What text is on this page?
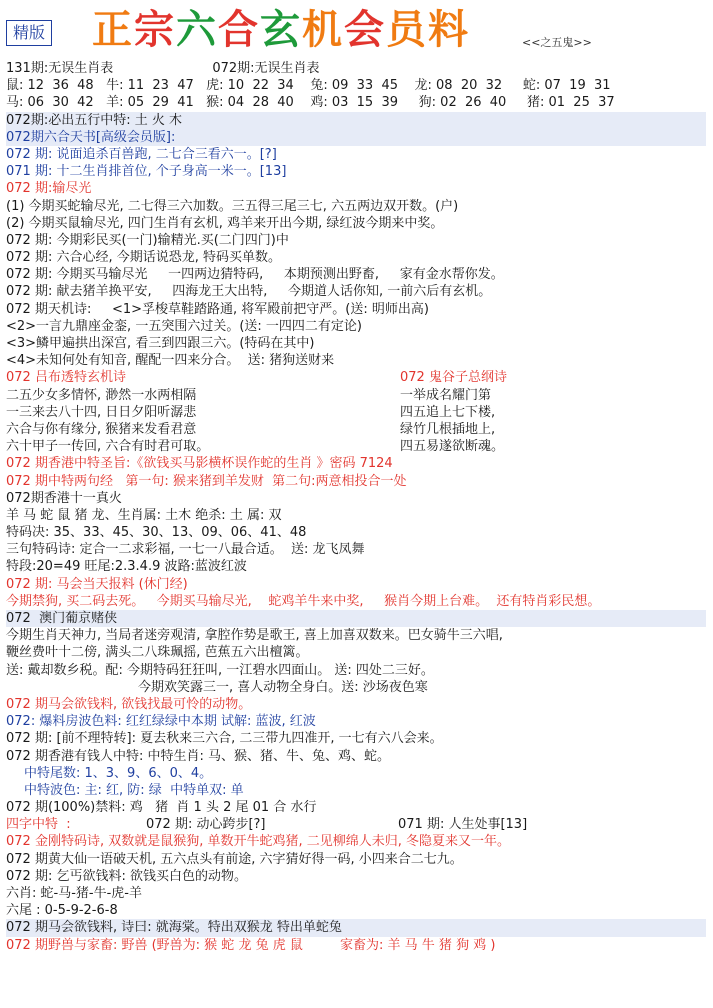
精版 正宗六合玄机会员料	<<之五鬼>>
131期:无误生肖表                        072期:无误生肖表
鼠: 12  36  48   牛: 11  23  47   虎: 10  22  34    兔: 09  33  45    龙: 08  20  32     蛇: 07  19  31
马: 06  30  42   羊: 05  29  41   猴: 04  28  40    鸡: 03  15  39     狗: 02  26  40     猪: 01  25  37
072期:必出五行中特: 土 火 木
072期六合天书[高级会员版]:
072 期: 说面追杀百兽跑, 二七合三看六一。[?]
071 期: 十二生肖排首位, 个子身高一米一。[13]
072 期:输尽光
(1) 今期买蛇输尽光, 二七得三六加数。三五得三尾三七, 六五两边双开数。(户)
(2) 今期买鼠输尽光, 四门生肖有玄机, 鸡羊来开出今期, 绿红波今期来中奖。
072 期: 今期彩民买(一门)输精光.买(二门四门)中
072 期: 六合心经, 今期话说恐龙, 特码买单数。
072 期: 今期买马输尽光     一四两边猜特码,     本期预测出野畜,     家有金水帮你发。
072 期: 献去猪羊换平安,     四海龙王大出特,     今期道人话你知, 一前六后有玄机。
072 期天机诗:     <1>孚梭草鞋踏路通, 将军殿前把守严。(送: 明师出高)
<2>一言九鼎座金銮, 一五突围六过关。(送: 一四四二有定论)
<3>鳞甲遍拱出深宫, 看三到四跟三六。(特码在其中)
<4>未知何处有知音, 醒配一四来分合。  送: 猪狗送财来
072 吕布透特玄机诗	072 鬼谷子总纲诗
二五少女多情怀, 渺然一水两相隔	一举成名耀门第
一三来去八十四, 日日夕阳听潺悲	四五追上七下楼,
六合与你有缘分, 猴猪来发看君意	绿竹几根插地上,
六十甲子一传回, 六合有时君可取。	四五易遂欲断魂。
072 期香港中特圣旨:《欲钱买马影横杯误作蛇的生肖 》密码 7124
072 期中特两句经   第一句: 猴来猪到羊发财  第二句:两意相投合一处
072期香港十一真火
羊 马 蛇 鼠 猪 龙、生肖属: 土木 绝杀: 土 属: 双
特码决: 35、33、45、30、13、09、06、41、48
三句特码诗: 定合一二求彩福, 一七一八最合适。  送: 龙飞凤舞
特段:20=49 旺尾:2.3.4.9 波路:蓝波红波
072 期: 马会当天报料 (休门经)
今期禁狗, 买二码去死。   今期买马输尽光,    蛇鸡羊牛来中奖,     猴肖今期上台难。  还有特肖彩民想。
072  澳门葡京赌侠
今期生肖天神力, 当局者迷旁观清, 拿腔作势是歌王, 喜上加喜双数来。巴女骑牛三六唱,
鞭丝费叶十二傍, 满头二八珠珮摇, 芭蕉五六出檀篱。
送: 戴却数乡税。配: 今期特码狂狂叫, 一江碧水四面山。 送: 四处二三好。
今期欢笑露三一, 喜人动物全身白。送: 沙场夜色寒
072 期马会欲钱料, 欲钱找最可怜的动物。
072: 爆料房波色料: 红红绿绿中本期 试解: 蓝波, 红波
072 期: [前不理特转]: 夏去秋来三六合, 二三带九四准开, 一七有六八会来。
072 期香港有钱人中特: 中特生肖: 马、猴、猪、牛、兔、鸡、蛇。
中特尾数: 1、3、9、6、0、4。
中特波色: 主: 红, 防: 绿  中特单双: 单
072 期(100%)禁料: 鸡   猪  肖 1 头 2 尾 01 合 水行
四字中特  :	072 期: 动心跨步[?]	071 期: 人生处事[13]
072 金刚特码诗, 双数就是鼠猴狗, 单数开牛蛇鸡猪, 二见柳绵人未归, 冬隐夏来又一年。
072 期黄大仙一语破天机, 五六点头有前途, 六字猜好得一码, 小四来合二七九。
072 期: 乞丐欲钱料: 欲钱买白色的动物。
六肖: 蛇-马-猪-牛-虎-羊
六尾 : 0-5-9-2-6-8
072 期马会欲钱料, 诗曰: 就海棠。特出双猴龙 特出单蛇兔
072 期野兽与家畜: 野兽 (野兽为: 猴 蛇 龙 兔 虎 鼠         家畜为: 羊 马 牛 猪 狗 鸡 )
